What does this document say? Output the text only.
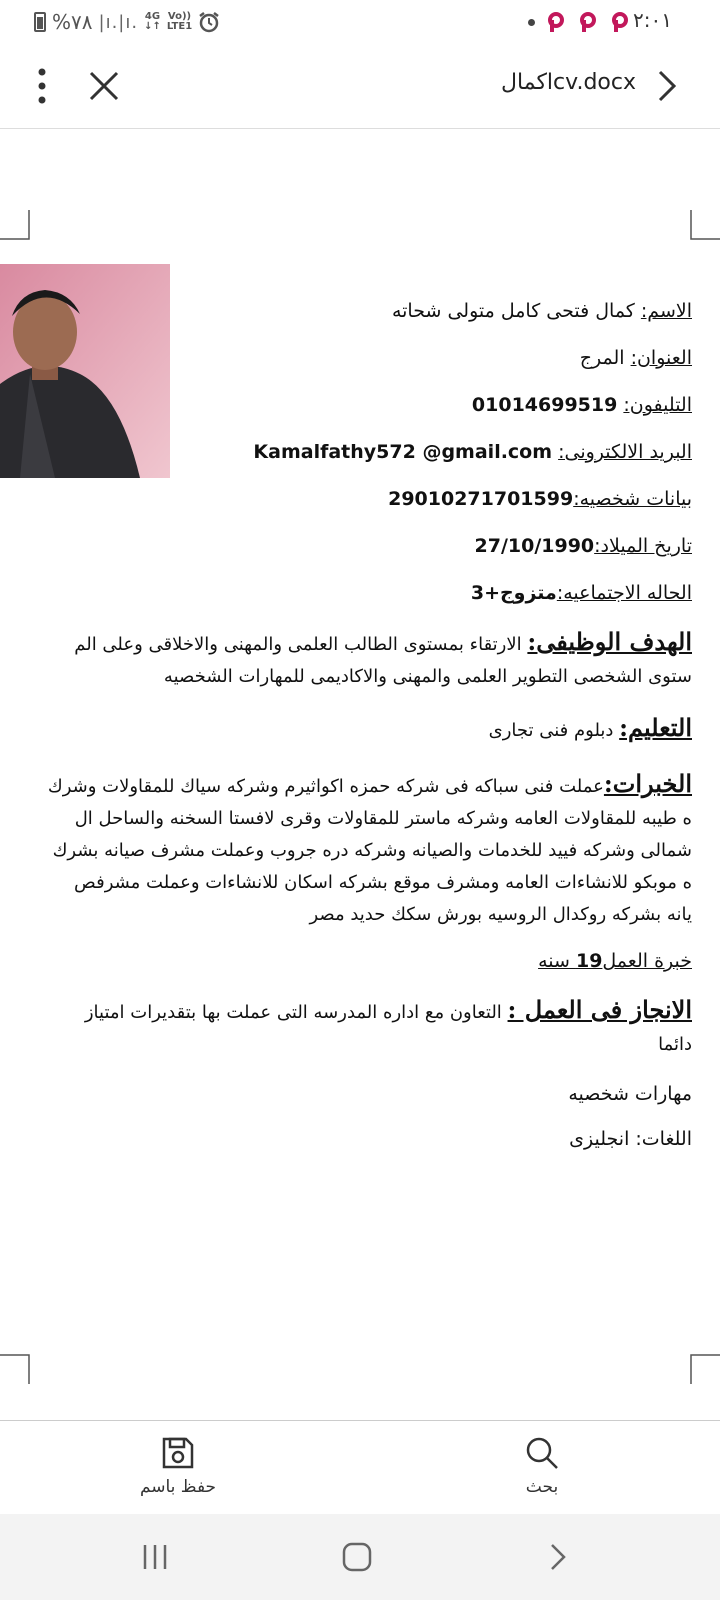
%٧٨ |ı.|ı. 4G
↓↑
Vo))
LTE1	٢:٠١
اكمالcv.docx
الاسم: كمال فتحى كامل متولى شحاته
العنوان: المرج
التليفون: 01014699519
البريد الالكترونى: Kamalfathy572 @gmail.com
بيانات شخصيه:29010271701599
تاريخ الميلاد:27/10/1990
الحاله الاجتماعيه:متزوج+3
الهدف الوظيفى: الارتقاء بمستوى الطالب العلمى والمهنى والاخلاقى وعلى الم
ستوى الشخصى التطوير العلمى والمهنى والاكاديمى للمهارات الشخصيه
التعليم: دبلوم فنى تجارى
الخبرات:عملت فنى سباكه فى شركه حمزه اكواثيرم وشركه سياك للمقاولات وشرك
ه طيبه للمقاولات العامه وشركه ماستر للمقاولات وقرى لافستا السخنه والساحل ال
شمالى وشركه فييد للخدمات والصيانه وشركه دره جروب وعملت مشرف صيانه بشرك
ه موبكو للانشاءات العامه ومشرف موقع بشركه اسكان للانشاءات وعملت مشرفص
يانه بشركه روكدال الروسيه بورش سكك حديد مصر
خبرة العمل19 سنه
الانجاز فى العمل : التعاون مع اداره المدرسه التى عملت بها بتقديرات امتياز
دائما
مهارات شخصيه
اللغات: انجليزى
حفظ باسم	بحث
